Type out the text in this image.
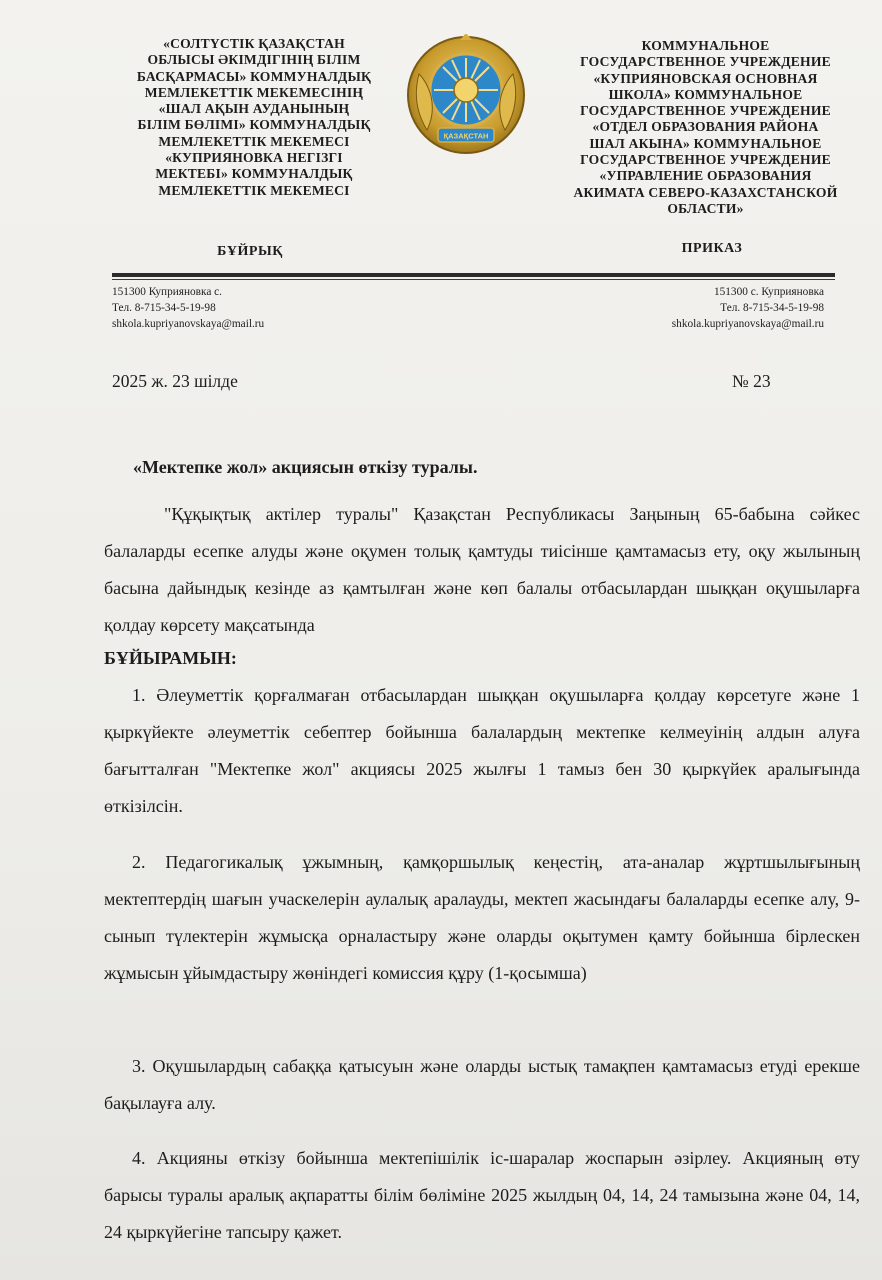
«СОЛТҮСТІК ҚАЗАҚСТАН
ОБЛЫСЫ ӘКІМДІГІНІҢ БІЛІМ
БАСҚАРМАСЫ» КОММУНАЛДЫҚ
МЕМЛЕКЕТТІК МЕКЕМЕСІНІҢ
«ШАЛ АҚЫН АУДАНЫНЫҢ
БІЛІМ БӨЛІМІ» КОММУНАЛДЫҚ
МЕМЛЕКЕТТІК МЕКЕМЕСІ
«КУПРИЯНОВКА НЕГІЗГІ
МЕКТЕБІ» КОММУНАЛДЫҚ
МЕМЛЕКЕТТІК МЕКЕМЕСІ
ҚАЗАҚСТАН
КОММУНАЛЬНОЕ
ГОСУДАРСТВЕННОЕ УЧРЕЖДЕНИЕ
«КУПРИЯНОВСКАЯ ОСНОВНАЯ
ШКОЛА» КОММУНАЛЬНОЕ
ГОСУДАРСТВЕННОЕ УЧРЕЖДЕНИЕ
«ОТДЕЛ ОБРАЗОВАНИЯ РАЙОНА
ШАЛ АКЫНА» КОММУНАЛЬНОЕ
ГОСУДАРСТВЕННОЕ УЧРЕЖДЕНИЕ
«УПРАВЛЕНИЕ ОБРАЗОВАНИЯ
АКИМАТА СЕВЕРО-КАЗАХСТАНСКОЙ
ОБЛАСТИ»
БҰЙРЫҚ	ПРИКАЗ
151300 Куприяновка с.
Тел. 8-715-34-5-19-98
shkola.kupriyanovskaya@mail.ru
151300 с. Куприяновка
Тел. 8-715-34-5-19-98
shkola.kupriyanovskaya@mail.ru
2025 ж. 23 шілде	№ 23
«Мектепке жол» акциясын өткізу туралы.
"Құқықтық актілер туралы" Қазақстан Республикасы Заңының 65-бабына сәйкес балаларды есепке алуды және оқумен толық қамтуды тиісінше қамтамасыз ету, оқу жылының басына дайындық кезінде аз қамтылған және көп балалы отбасылардан шыққан оқушыларға қолдау көрсету мақсатында
БҰЙЫРАМЫН:
1. Әлеуметтік қорғалмаған отбасылардан шыққан оқушыларға қолдау көрсетуге және 1 қыркүйекте әлеуметтік себептер бойынша балалардың мектепке келмеуінің алдын алуға бағытталған "Мектепке жол" акциясы 2025 жылғы 1 тамыз бен 30 қыркүйек аралығында өткізілсін.
2. Педагогикалық ұжымның, қамқоршылық кеңестің, ата-аналар жұртшылығының мектептердің шағын учаскелерін аулалық аралауды, мектеп жасындағы балаларды есепке алу, 9-сынып түлектерін жұмысқа орналастыру және оларды оқытумен қамту бойынша бірлескен жұмысын ұйымдастыру жөніндегі комиссия құру (1-қосымша)
3. Оқушылардың сабаққа қатысуын және оларды ыстық тамақпен қамтамасыз етуді ерекше бақылауға алу.
4. Акцияны өткізу бойынша мектепішілік іс-шаралар жоспарын әзірлеу. Акцияның өту барысы туралы аралық ақпаратты білім бөліміне 2025 жылдың 04, 14, 24 тамызына және 04, 14, 24 қыркүйегіне тапсыру қажет.
